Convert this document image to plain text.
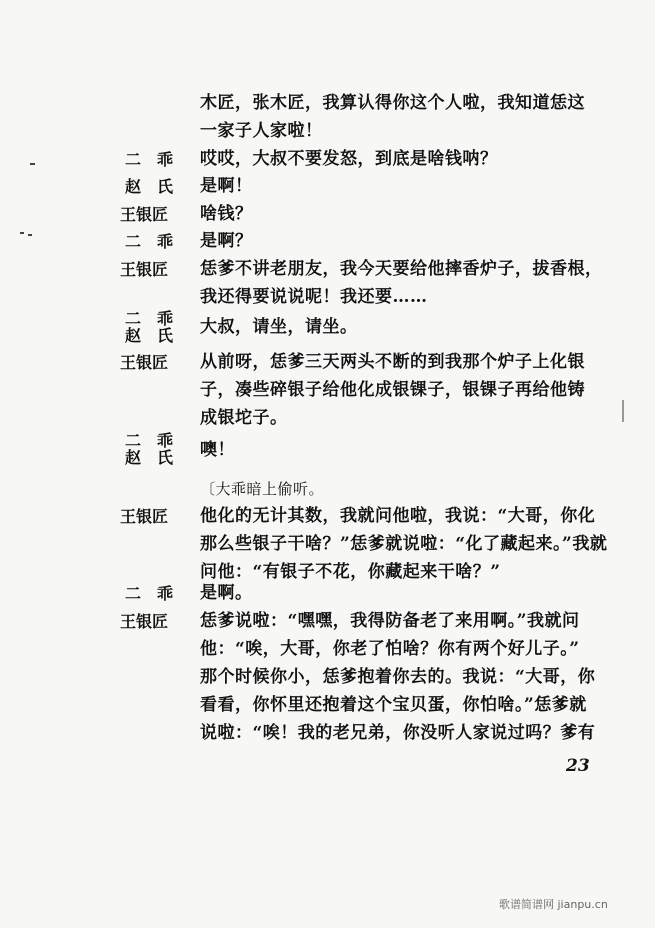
木匠，张木匠，我算认得你这个人啦，我知道恁这
一家子人家啦！
二　乖 哎哎，大叔不要发怒，到底是啥钱呐？
赵　氏 是啊！
王银匠 啥钱？
二　乖 是啊？
王银匠 恁爹不讲老朋友，我今天要给他摔香炉子，拔香根，
我还得要说说呢！我还要……
二　乖
赵　氏 大叔，请坐，请坐。
王银匠 从前呀，恁爹三天两头不断的到我那个炉子上化银
子，凑些碎银子给他化成银锞子，银锞子再给他铸
成银坨子。
二　乖
赵　氏 噢！
〔大乖暗上偷听。
王银匠 他化的无计其数，我就问他啦，我说：“大哥，你化
那么些银子干啥？”恁爹就说啦：“化了藏起来。”我就
问他：“有银子不花，你藏起来干啥？”
二　乖 是啊。
王银匠 恁爹说啦：“嘿嘿，我得防备老了来用啊。”我就问
他：“唉，大哥，你老了怕啥？你有两个好儿子。”
那个时候你小，恁爹抱着你去的。我说：“大哥，你
看看，你怀里还抱着这个宝贝蛋，你怕啥。”恁爹就
说啦：“唉！我的老兄弟，你没听人家说过吗？爹有
23
歌谱简谱网 jianpu.cn
